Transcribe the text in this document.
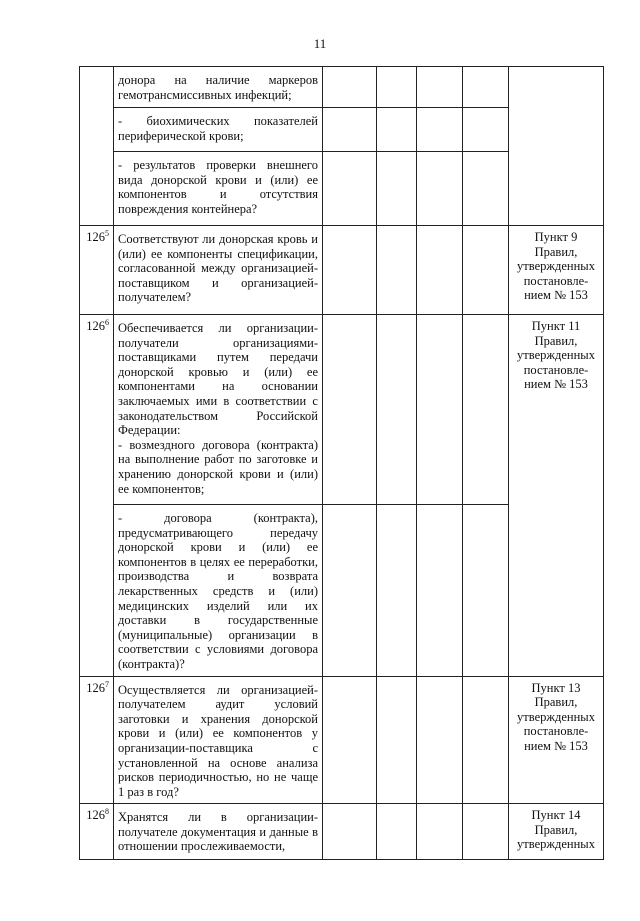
11

	донора на наличие маркеров гемотрансмиссивных инфекций;					

	- биохимических показателей периферической крови;					

	- результатов проверки внешнего вида донорской крови и (или) ее компонентов и отсутствия повреждения контейнера?					

$126^5$	Соответствуют ли донорская кровь и (или) ее компоненты спецификации, согласованной между организацией-поставщиком и организацией-получателем?					Пункт 9 Правил, утвержденных постановле-нием № 153

$126^6$	Обеспечивается ли организации-получатели организациями-поставщиками путем передачи донорской кровью и (или) ее компонентами на основании заключаемых ими в соответствии с законодательством Российской Федерации:
- возмездного договора (контракта) на выполнение работ по заготовке и хранению донорской крови и (или) ее компонентов;					Пункт 11 Правил, утвержденных постановле-нием № 153

	- договора (контракта), предусматривающего передачу донорской крови и (или) ее компонентов в целях ее переработки, производства и возврата лекарственных средств и (или) медицинских изделий или их доставки в государственные (муниципальные) организации в соответствии с условиями договора (контракта)?					

$126^7$	Осуществляется ли организацией-получателем аудит условий заготовки и хранения донорской крови и (или) ее компонентов у организации-поставщика с установленной на основе анализа рисков периодичностью, но не чаще 1 раз в год?					Пункт 13 Правил, утвержденных постановле-нием № 153

$126^8$	Хранятся ли в организации-получателе документация и данные в отношении прослеживаемости,					Пункт 14 Правил, утвержденных
